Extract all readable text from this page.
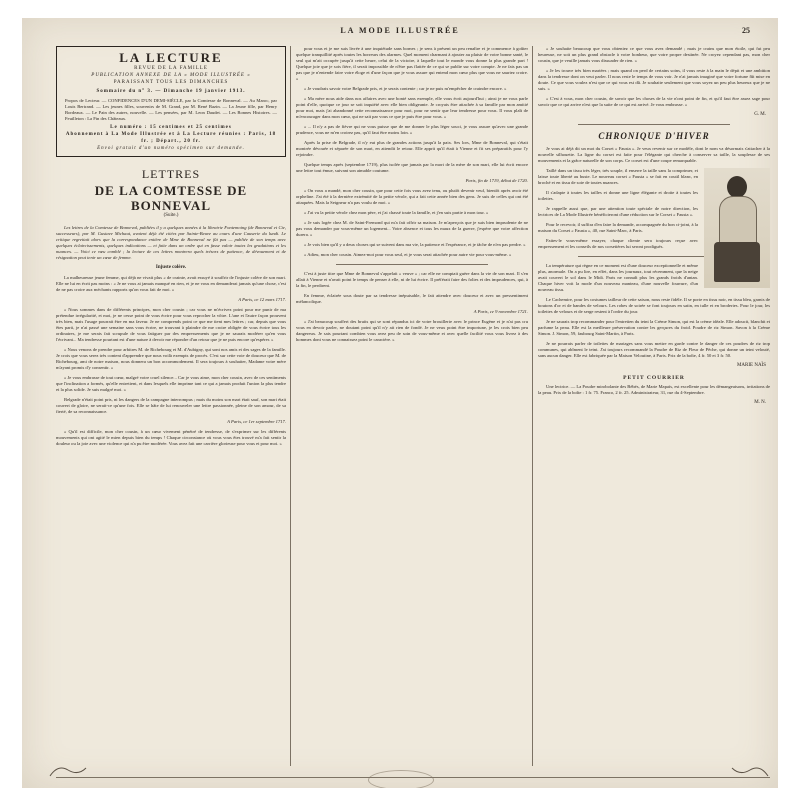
LA MODE ILLUSTRÉE	25
LA LECTURE
REVUE DE LA FAMILLE
PUBLICATION ANNEXE DE LA « MODE ILLUSTRÉE »
PARAISSANT TOUS LES DIMANCHES
Sommaire du n° 3. — Dimanche 19 janvier 1913.
Propos de Lecteur. — CONFIDENCES D'UN DEMI-SIÈCLE, par la Comtesse de Bonneval. — Au Maroc, par Louis Bertrand. — Les jeunes filles, souvenirs de M. Grand, par M. René Bazin. — La Jeune fille, par Henry Bordeaux. — Le Pain des autres, nouvelle. — Les pensées, par M. Leon Daudet. — Les Bonnes Histoires. — Feuilleton : La Fin des Châteaux.
Le numéro : 15 centimes et 25 centimes
Abonnement à La Mode Illustrée et à La Lecture réunies : Paris, 18 fr. ; Départ., 20 fr.
Envoi gratuit d'un numéro spécimen sur demande.
LETTRES
DE LA COMTESSE DE BONNEVAL
(Suite.)

Les lettres de la Comtesse de Bonneval, publiées il y a quelques années à la librairie Fontemoing (de Bonneval et Cie, successeurs), par M. Gustave Michaut, avaient déjà été citées par Sainte-Beuve au cours d'une Causerie du lundi. Le critique regrettait alors que la correspondance entière de Mme de Bonneval ne fût pas — publiée de son temps avec quelques éclaircissements, quelques indications — et faite dans un ordre qui en fasse valoir toutes les gradations et les nuances. — Voici ce vœu comblé ; la lecture de ces lettres montrera quels trésors de patience, de dévouement et de résignation peut tenir un cœur de femme.

Injuste colère.

La malheureuse jeune femme, qui déjà ne vivait plus « de crainte, avait essuyé à souffrir de l'injuste colère de son mari. Elle ne lui en écrit pas moins : « Je ne vous ai jamais manqué en rien, et je ne vous en demanderai jamais qu'une chose, c'est de ne pas croire aux méchants rapports qu'on vous fait de moi. »

A Paris, ce 12 mars 1717.

« Nous sommes dans de différents principes, mon cher cousin ; car vous ne m'écrivez point pour me punir de ma prétendue irrégularité, et moi, je ne cesse point de vous écrire pour vous reprocher la vôtre. L'une et l'autre façon prouvent très bien, mais l'usage pourrait être en ma faveur. Je ne comprends point ce que me tient mes lettres ; car, depuis que vous êtes parti, je n'ai passé une semaine sans vous écrire, ne trouvant à plaindre de me croire obligée de vous écrire tous les ordinaires, je me serais fait scrupule de vous fatiguer par des empressements que je ne saurais modérer qu'en vous l'écrivant... Ma tendresse pourtant est d'une nature à devoir me répondre d'un retour que je ne puis encore qu'espérer. »

« Nous venons de prendre pour arbitres M. de Richebourg et M. d'Aubigny, qui sont nos amis et des sages de la famille. Je crois que vous serez très content d'apprendre que nous voilà exempts de procès. C'est sur cette voie de douceur que M. de Richebourg, ami de notre maison, nous donnera un bon accommodement. Il sera toujours à souhaiter, Madame votre mère m'ayant promis d'y consentir. »

« Je vous embrasse de tout cœur, malgré votre cruel silence... Car je vous aime, mon cher cousin, avec de ces sentiments que l'inclination a formés, qu'elle entretient, et dans lesquels elle imprime tant ce qui a jamais produit l'union la plus tendre et la plus solide. Je suis malgré moi. »

Belgrade n'était point pris, ni les dangers de la campagne interrompus ; mais du moins son mari était sauf, son mari était couvert de gloire, ne serait-ce qu'une fois. Elle se hâte de lui renouveler une lettre passionnée, pleine de son amour, de sa fierté, de sa reconnaissance.

A Paris, ce 1er septembre 1717.

« Qu'il est difficile, mon cher cousin, à un cœur vivement pénétré de tendresse, de s'exprimer sur les différents mouvements qui ont agité le mien depuis bien du temps ! Chaque circonstance où vous vous êtes trouvé m'a fait sentir la douleur ou la joie avec une violence qui n'a pu être modérée. Vous avez fait une carrière glorieuse pour vous et pour moi. »

pour vous et je me suis livrée à une inquiétude sans bornes ; je sens à présent un peu renaître et je commence à goûter quelque tranquillité après toutes les horreurs des alarmes. Quel moment charmant à ajouter au plaisir de votre bonne santé, le seul qui m'ait occupée jusqu'à cette heure, celui de la victoire, à laquelle tout le monde vous donne la plus grande part ! Quelque joie que je sois fière, il serait impossible de n'être pas flattée de ce qui se publie sur votre compte. Je ne fais pas un pas que je n'entende faire votre éloge et d'une façon que je vous assure qui entend mon cœur plus que vous ne sauriez croire. »

« Je voudrais savoir votre Belgrade pris, et je serais contente ; car je ne puis m'empêcher de craindre encore. »

« Ma mère nous aide dans nos affaires avec une bonté sans exemple, elle vous écrit aujourd'hui ; ainsi je ne vous parle point d'elle, quoique ce jour se soit inquiété avec elle bien obligeante. Je croyais être attachée à sa famille par mon amitié pour moi, mais j'ai abandonné cette reconnaissance pour moi, pour ne sentir que leur tendresse pour vous. Il vous plaît de m'encourager dans mon cœur, qui ne sait par vous ce que je puis être pour vous. »

« ... Il n'y a pas de fièvre qui ne vous puisse que de me donner le plus léger souci, je vous assure qu'avec une grande prudence, vous ne m'en croirez pas, qu'il faut être moins loin. »

Après la prise de Belgrade, il n'y eut plus de grandes actions jusqu'à la paix. Ses lors, Mme de Bonneval, qui s'était montrée dévouée et séparée de son mari, en attendit le retour. Elle apprit qu'il était à Vienne et fit ses préparatifs pour l'y rejoindre.

Quelque temps après (septembre 1719), plus isolée que jamais par la mort de la mère de son mari, elle lui écrit encore une lettre tout émue, suivant son aimable coutume.

Paris, fin de 1719, début de 1720.

« On vous a mandé, mon cher cousin, que pour cette fois vous avez tenu, ou plutôt devenir veuf, bientôt après avoir été orpheline. J'ai été à la dernière extrémité de la petite vérole, qui a fait cette année bien des gens. Je suis de celles qui ont été attaquées. Mais la Seigneur n'a pas voulu de moi. »

« J'ai vu la petite vérole chez mon père, et j'ai chassé toute la famille, et j'en suis partie à mon tour. »

« Je suis logée chez M. de Saint-Fremond qui m'a fait offrir sa maison. Je m'aperçois que je suis bien imprudente de ne pas vous demander par vous-même un logement... Votre absence et tous les maux de la guerre, j'espère que votre affection durera. »

« Je vois bien qu'il y a deux choses qui se suivent dans ma vie, la patience et l'espérance, et je tâche de n'en pas perdre. »

« Adieu, mon cher cousin. Aimez-moi pour vous seul, et je vous serai attachée pour autre vie pour vous-même. »

C'est à juste titre que Mme de Bonneval s'appelait « veuve » ; car elle ne comptait guère dans la vie de son mari. Il s'en allait à Vienne et n'avait point le temps de penser à elle, ni de lui écrire. Il préférait faire des folies et des imprudences, qui, à la fin, le perdirent.

En femme, éclairée sous doute par sa tendresse inépuisable, le fait attendre avec douceur et avec un pressentiment mélancolique.

A Paris, ce 9 novembre 1721.

« J'ai beaucoup souffert des bruits qui se sont répandus ici de votre brouillerie avec le prince Eugène et je n'ai pas cru vous en devoir parler, ne doutant point qu'il n'y ait rien de fondé. Je ne veux point être importune, je les crois bien peu dangereux. Je sais pourtant combien vous avez peu de soin de vous-même et avec quelle facilité vous vous livrez à des hommes dont vous ne connaissez point le caractère. »

« Je souhaite beaucoup que vous obteniez ce que vous avez demandé ; mais je crains que mon étoile, qui fut peu heureuse, ne soit un plus grand obstacle à votre bonheur, que votre propre destinée. Ne croyez cependant pas, mon cher cousin, que je veuille jamais vous dissuader de rien. »

« Je les trouve très bien mariées ; mais quand on perd de certains soins, il vous reste à la main le dépit et une ambition dans la tendresse dont on veut parler. Il nous reste le temps de vous voir. Je n'ai jamais imaginé que votre fortune fût mise en doute. Ce que vous voulez n'est que ce qui vous est dû. Je souhaite seulement que vous soyez un peu plus heureux que je ne suis. »

« C'est à vous, mon cher cousin, de savoir que les choses de la vie n'ont point de fin, et qu'il faut être assez sage pour savoir que ce qui arrive n'est que la suite de ce qui est arrivé. Je vous embrasse. »

G. M.
CHRONIQUE D'HIVER

Je vous ai déjà dit un mot du Corset « Fausta ». Je veux revenir sur ce modèle, dont le nom va désormais s'attacher à la nouvelle silhouette. La ligne du corset est faite pour l'élégante qui cherche à conserver sa taille, la souplesse de ses mouvements et la grâce naturelle de son corps. Ce corset est d'une coupe remarquable.

Taillé dans un tissu très léger, très souple, il enserre la taille sans la comprimer, et laisse toute liberté au buste. Le nouveau corset « Fausta » se fait en coutil blanc, en broché et en tissu de soie de toutes nuances.

Il s'adapte à toutes les tailles et donne une ligne élégante et droite à toutes les toilettes.

Je rappelle aussi que, par une attention toute spéciale de notre direction, les lectrices de La Mode Illustrée bénéficieront d'une réduction sur le Corset « Fausta ».

Pour le recevoir, il suffira d'en faire la demande, accompagnée du bon ci-joint, à la maison du Corset « Fausta », 40, rue Saint-Marc, à Paris.

Faites-le vous-même essayer, chaque cliente sera toujours reçue avec empressement et les conseils de nos corsetières lui seront prodigués.

La température qui règne en ce moment est d'une douceur exceptionnelle et même plus, anormale. On a pu lire, en effet, dans les journaux, tout récemment, que la neige avait couvert le sol dans le Midi. Paris ne connaît plus les grands froids d'antan. Chaque hiver voit la mode d'un nouveau manteau, d'une nouvelle fourrure, d'un nouveau tissu.

Le Cachemire, pour les costumes tailleur de cette saison, nous reste fidèle. Il se porte en tissu noir, en tissu bleu, garnis de boutons d'or et de bandes de velours. Les robes de soirée se font toujours en satin, en tulle et en broderies. Pour le jour, les toilettes de velours et de serge restent à l'ordre du jour.

Je ne saurais trop recommander pour l'entretien du teint la Crème Simon, qui est la crème idéale. Elle adoucit, blanchit et parfume la peau. Elle est la meilleure préservation contre les gerçures du froid. Poudre de riz Simon. Savon à la Crème Simon. J. Simon, 59, faubourg Saint-Martin, à Paris.

Je ne pourrais parler de toilettes de mariages sans vous mettre en garde contre le danger de ces poudres de riz trop communes, qui abîment le teint. J'ai toujours recommandé la Poudre de Riz de Fleur de Pêche, qui donne un teint velouté, sans aucun danger. Elle est fabriquée par la Maison Veloutine, à Paris. Prix de la boîte, 4 fr. 50 et 3 fr. 50.

MARIE NAÏS
PETIT COURRIER

Une lectrice. — La Poudre mirobolante des Bébés, de Marie Mapaïs, est excellente pour les démangeaisons, irritations de la peau. Prix de la boîte : 1 fr. 75. Franco, 2 fr. 25. Administrateur, 31, rue du 4-Septembre.

M. N.
